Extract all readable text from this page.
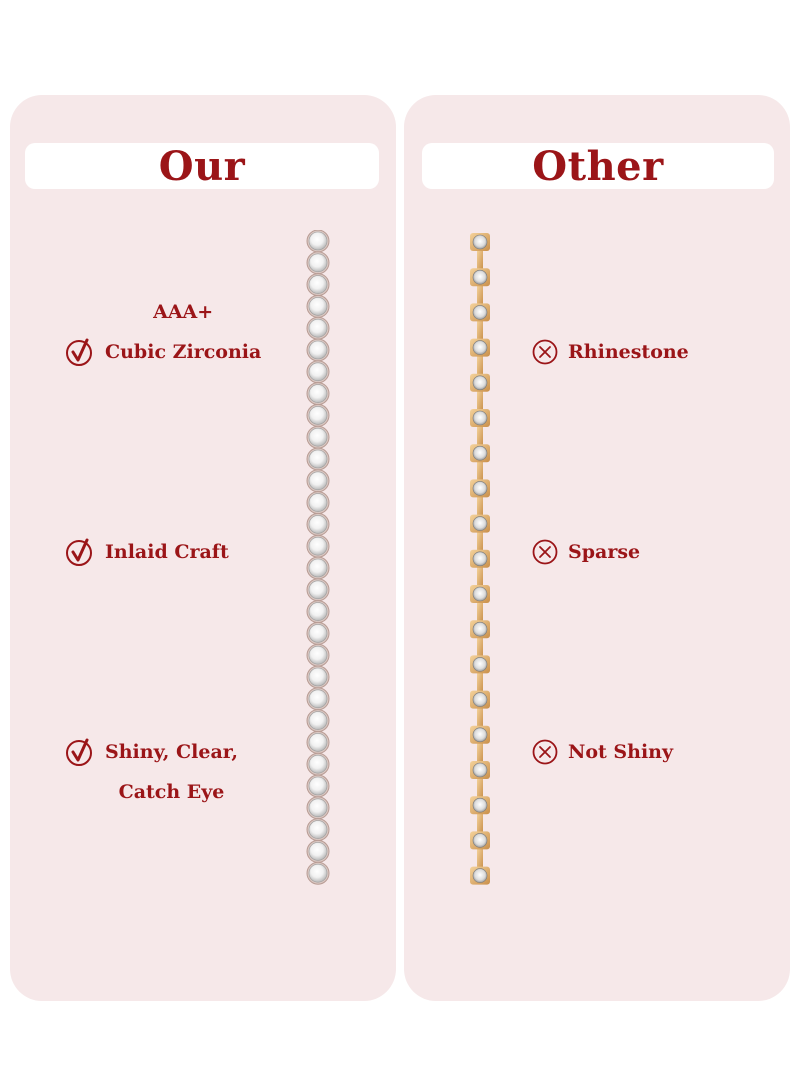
Our
AAA+
Cubic Zirconia
Inlaid Craft
Shiny, Clear,
Catch Eye
Other
Rhinestone
Sparse
Not Shiny
